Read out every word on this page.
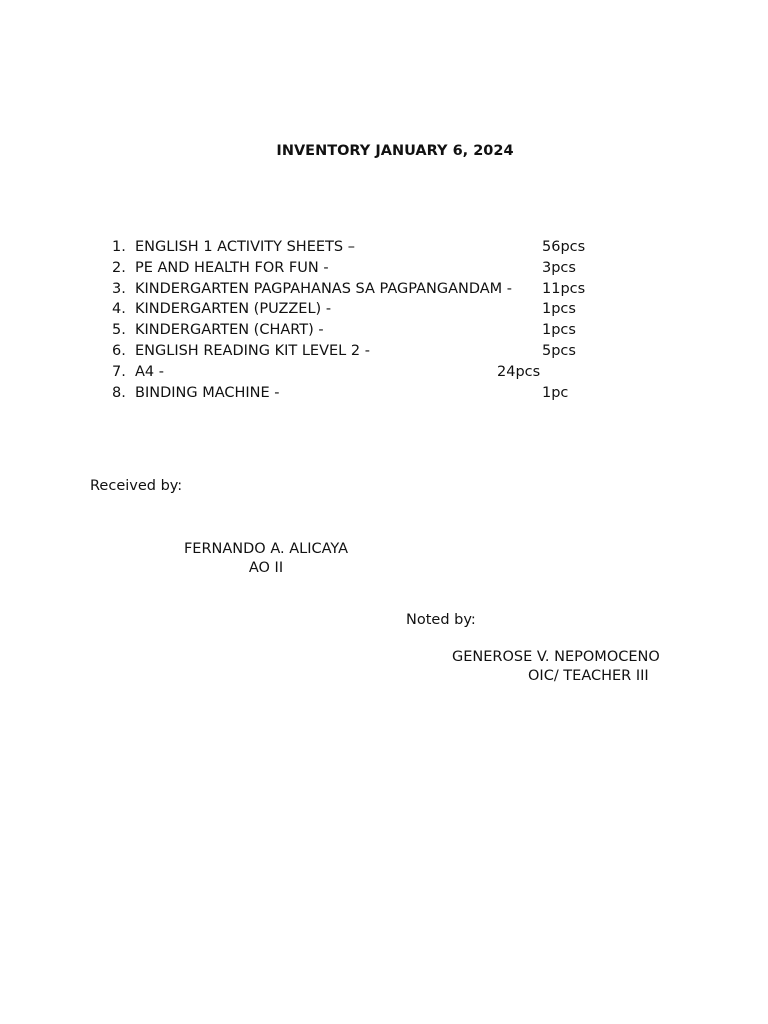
INVENTORY JANUARY 6, 2024
1. ENGLISH 1 ACTIVITY SHEETS –	56pcs
2. PE AND HEALTH FOR FUN -	3pcs
3. KINDERGARTEN PAGPAHANAS SA PAGPANGANDAM - 11pcs
4. KINDERGARTEN (PUZZEL) -	1pcs
5. KINDERGARTEN (CHART) -	1pcs
6. ENGLISH READING KIT LEVEL 2 -	5pcs
7. A4 -	24pcs
8. BINDING MACHINE -	1pc
Received by:
FERNANDO A. ALICAYA
AO II
Noted by:
GENEROSE V. NEPOMOCENO
OIC/ TEACHER III
